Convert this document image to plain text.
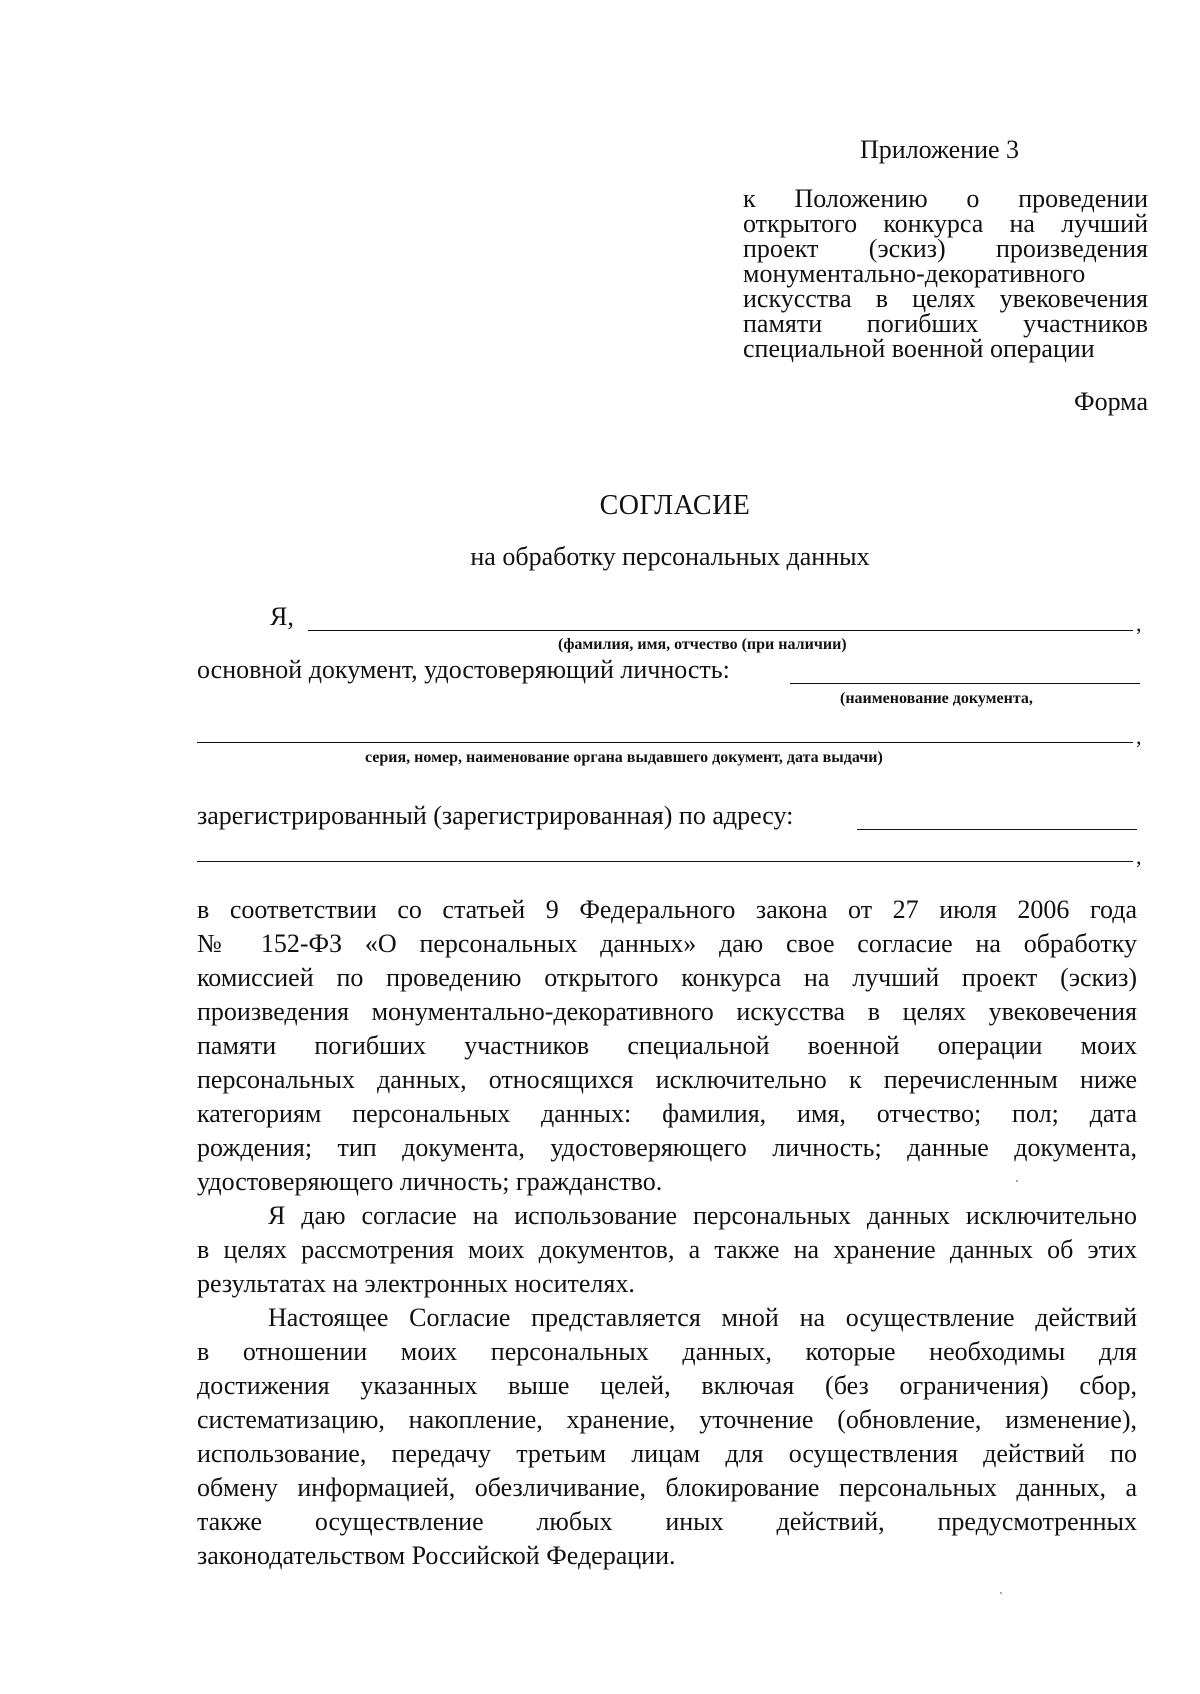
Приложение 3
к Положению о проведении
открытого конкурса на лучший
проект (эскиз) произведения
монументально-декоративного
искусства в целях увековечения
памяти погибших участников
специальной военной операции
Форма
СОГЛАСИЕ
на обработку персональных данных
Я,	,
(фамилия, имя, отчество (при наличии)
основной документ, удостоверяющий личность:
(наименование документа,
,
серия, номер, наименование органа выдавшего документ, дата выдачи)
зарегистрированный (зарегистрированная) по адресу:
,
в соответствии со статьей 9 Федерального закона от 27 июля 2006 года
№ 152-ФЗ «О персональных данных» даю свое согласие на обработку
комиссией по проведению открытого конкурса на лучший проект (эскиз)
произведения монументально-декоративного искусства в целях увековечения
памяти погибших участников специальной военной операции моих
персональных данных, относящихся исключительно к перечисленным ниже
категориям персональных данных: фамилия, имя, отчество; пол; дата
рождения; тип документа, удостоверяющего личность; данные документа,
удостоверяющего личность; гражданство.
Я даю согласие на использование персональных данных исключительно
в целях рассмотрения моих документов, а также на хранение данных об этих
результатах на электронных носителях.
Настоящее Согласие представляется мной на осуществление действий
в отношении моих персональных данных, которые необходимы для
достижения указанных выше целей, включая (без ограничения) сбор,
систематизацию, накопление, хранение, уточнение (обновление, изменение),
использование, передачу третьим лицам для осуществления действий по
обмену информацией, обезличивание, блокирование персональных данных, а
также осуществление любых иных действий, предусмотренных
законодательством Российской Федерации.
